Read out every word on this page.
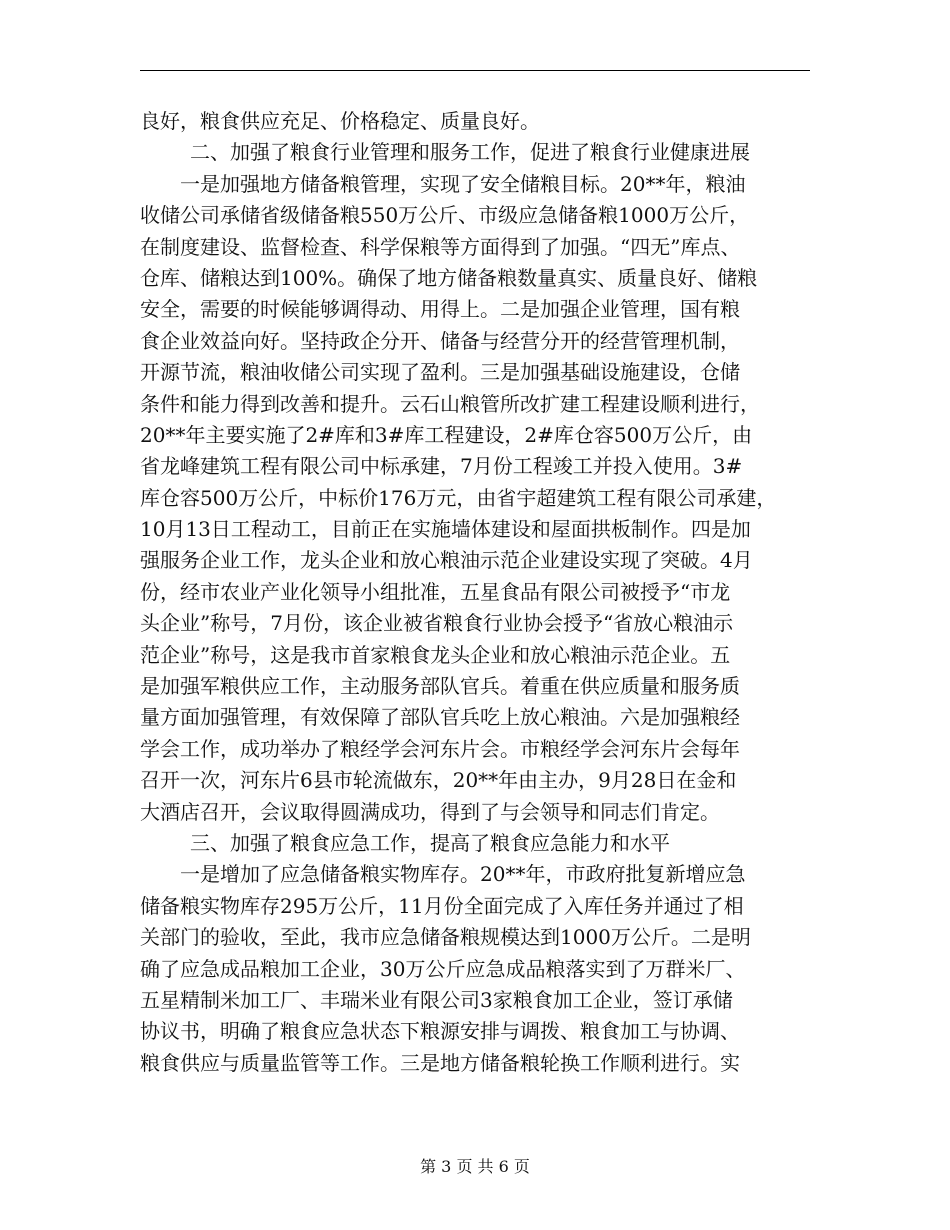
良好，粮食供应充足、价格稳定、质量良好。
二、加强了粮食行业管理和服务工作，促进了粮食行业健康进展
一是加强地方储备粮管理，实现了安全储粮目标。20**年，粮油
收储公司承储省级储备粮550万公斤、市级应急储备粮1000万公斤，
在制度建设、监督检查、科学保粮等方面得到了加强。“四无”库点、
仓库、储粮达到100%。确保了地方储备粮数量真实、质量良好、储粮
安全，需要的时候能够调得动、用得上。二是加强企业管理，国有粮
食企业效益向好。坚持政企分开、储备与经营分开的经营管理机制，
开源节流，粮油收储公司实现了盈利。三是加强基础设施建设，仓储
条件和能力得到改善和提升。云石山粮管所改扩建工程建设顺利进行，
20**年主要实施了2#库和3#库工程建设，2#库仓容500万公斤，由
省龙峰建筑工程有限公司中标承建，7月份工程竣工并投入使用。3#
库仓容500万公斤，中标价176万元，由省宇超建筑工程有限公司承建，
10月13日工程动工，目前正在实施墙体建设和屋面拱板制作。四是加
强服务企业工作，龙头企业和放心粮油示范企业建设实现了突破。4月
份，经市农业产业化领导小组批准，五星食品有限公司被授予“市龙
头企业”称号，7月份，该企业被省粮食行业协会授予“省放心粮油示
范企业”称号，这是我市首家粮食龙头企业和放心粮油示范企业。五
是加强军粮供应工作，主动服务部队官兵。着重在供应质量和服务质
量方面加强管理，有效保障了部队官兵吃上放心粮油。六是加强粮经
学会工作，成功举办了粮经学会河东片会。市粮经学会河东片会每年
召开一次，河东片6县市轮流做东，20**年由主办，9月28日在金和
大酒店召开，会议取得圆满成功，得到了与会领导和同志们肯定。
三、加强了粮食应急工作，提高了粮食应急能力和水平
一是增加了应急储备粮实物库存。20**年，市政府批复新增应急
储备粮实物库存295万公斤，11月份全面完成了入库任务并通过了相
关部门的验收，至此，我市应急储备粮规模达到1000万公斤。二是明
确了应急成品粮加工企业，30万公斤应急成品粮落实到了万群米厂、
五星精制米加工厂、丰瑞米业有限公司3家粮食加工企业，签订承储
协议书，明确了粮食应急状态下粮源安排与调拨、粮食加工与协调、
粮食供应与质量监管等工作。三是地方储备粮轮换工作顺利进行。实
第 3 页 共 6 页
